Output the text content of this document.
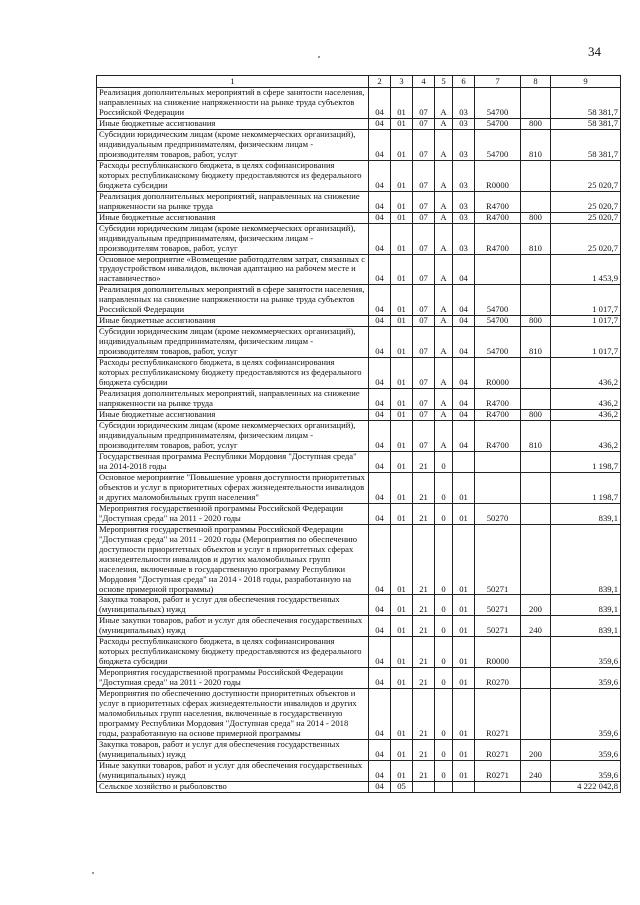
34
1	2	3	4	5	6	7	8	9
Реализация дополнительных мероприятий в сфере занятости населения, направленных на снижение напряженности на рынке труда субъектов Российской Федерации	04	01	07	А	03	54700		58 381,7
Иные бюджетные ассигнования	04	01	07	А	03	54700	800	58 381,7
Субсидии юридическим лицам (кроме некоммерческих организаций), индивидуальным предпринимателям, физическим лицам - производителям товаров, работ, услуг	04	01	07	А	03	54700	810	58 381,7
Расходы республиканского бюджета, в целях софинансирования которых республиканскому бюджету предоставляются из федерального бюджета субсидии	04	01	07	А	03	R0000		25 020,7
Реализация дополнительных мероприятий, направленных на снижение напряженности на рынке труда	04	01	07	А	03	R4700		25 020,7
Иные бюджетные ассигнования	04	01	07	А	03	R4700	800	25 020,7
Субсидии юридическим лицам (кроме некоммерческих организаций), индивидуальным предпринимателям, физическим лицам - производителям товаров, работ, услуг	04	01	07	А	03	R4700	810	25 020,7
Основное мероприятие «Возмещение работодателям затрат, связанных с трудоустройством инвалидов, включая адаптацию на рабочем месте и наставничество»	04	01	07	А	04			1 453,9
Реализация дополнительных мероприятий в сфере занятости населения, направленных на снижение напряженности на рынке труда субъектов Российской Федерации	04	01	07	А	04	54700		1 017,7
Иные бюджетные ассигнования	04	01	07	А	04	54700	800	1 017,7
Субсидии юридическим лицам (кроме некоммерческих организаций), индивидуальным предпринимателям, физическим лицам - производителям товаров, работ, услуг	04	01	07	А	04	54700	810	1 017,7
Расходы республиканского бюджета, в целях софинансирования которых республиканскому бюджету предоставляются из федерального бюджета субсидии	04	01	07	А	04	R0000		436,2
Реализация дополнительных мероприятий, направленных на снижение напряженности на рынке труда	04	01	07	А	04	R4700		436,2
Иные бюджетные ассигнования	04	01	07	А	04	R4700	800	436,2
Субсидии юридическим лицам (кроме некоммерческих организаций), индивидуальным предпринимателям, физическим лицам - производителям товаров, работ, услуг	04	01	07	А	04	R4700	810	436,2
Государственная программа Республики Мордовия "Доступная среда" на 2014-2018 годы	04	01	21	0				1 198,7
Основное мероприятие "Повышение уровня доступности приоритетных объектов и услуг в приоритетных сферах жизнедеятельности инвалидов и других маломобильных групп населения"	04	01	21	0	01			1 198,7
Мероприятия государственной программы Российской Федерации "Доступная среда" на 2011 - 2020 годы	04	01	21	0	01	50270		839,1
Мероприятия государственной программы Российской Федерации "Доступная среда" на 2011 - 2020 годы (Мероприятия по обеспечению доступности приоритетных объектов и услуг в приоритетных сферах жизнедеятельности инвалидов и других маломобильных групп населения, включенные в государственную программу Республики Мордовия "Доступная среда" на 2014 - 2018 годы, разработанную на основе примерной программы)	04	01	21	0	01	50271		839,1
Закупка товаров, работ и услуг для обеспечения государственных (муниципальных) нужд	04	01	21	0	01	50271	200	839,1
Иные закупки товаров, работ и услуг для обеспечения государственных (муниципальных) нужд	04	01	21	0	01	50271	240	839,1
Расходы республиканского бюджета, в целях софинансирования которых республиканскому бюджету предоставляются из федерального бюджета субсидии	04	01	21	0	01	R0000		359,6
Мероприятия государственной программы Российской Федерации "Доступная среда" на 2011 - 2020 годы	04	01	21	0	01	R0270		359,6
Мероприятия по обеспечению доступности приоритетных объектов и услуг в приоритетных сферах жизнедеятельности инвалидов и других маломобильных групп населения, включенные в государственную программу Республики Мордовия "Доступная среда" на 2014 - 2018 годы, разработанную на основе примерной программы	04	01	21	0	01	R0271		359,6
Закупка товаров, работ и услуг для обеспечения государственных (муниципальных) нужд	04	01	21	0	01	R0271	200	359,6
Иные закупки товаров, работ и услуг для обеспечения государственных (муниципальных) нужд	04	01	21	0	01	R0271	240	359,6
Сельское хозяйство и рыболовство	04	05						4 222 042,8
